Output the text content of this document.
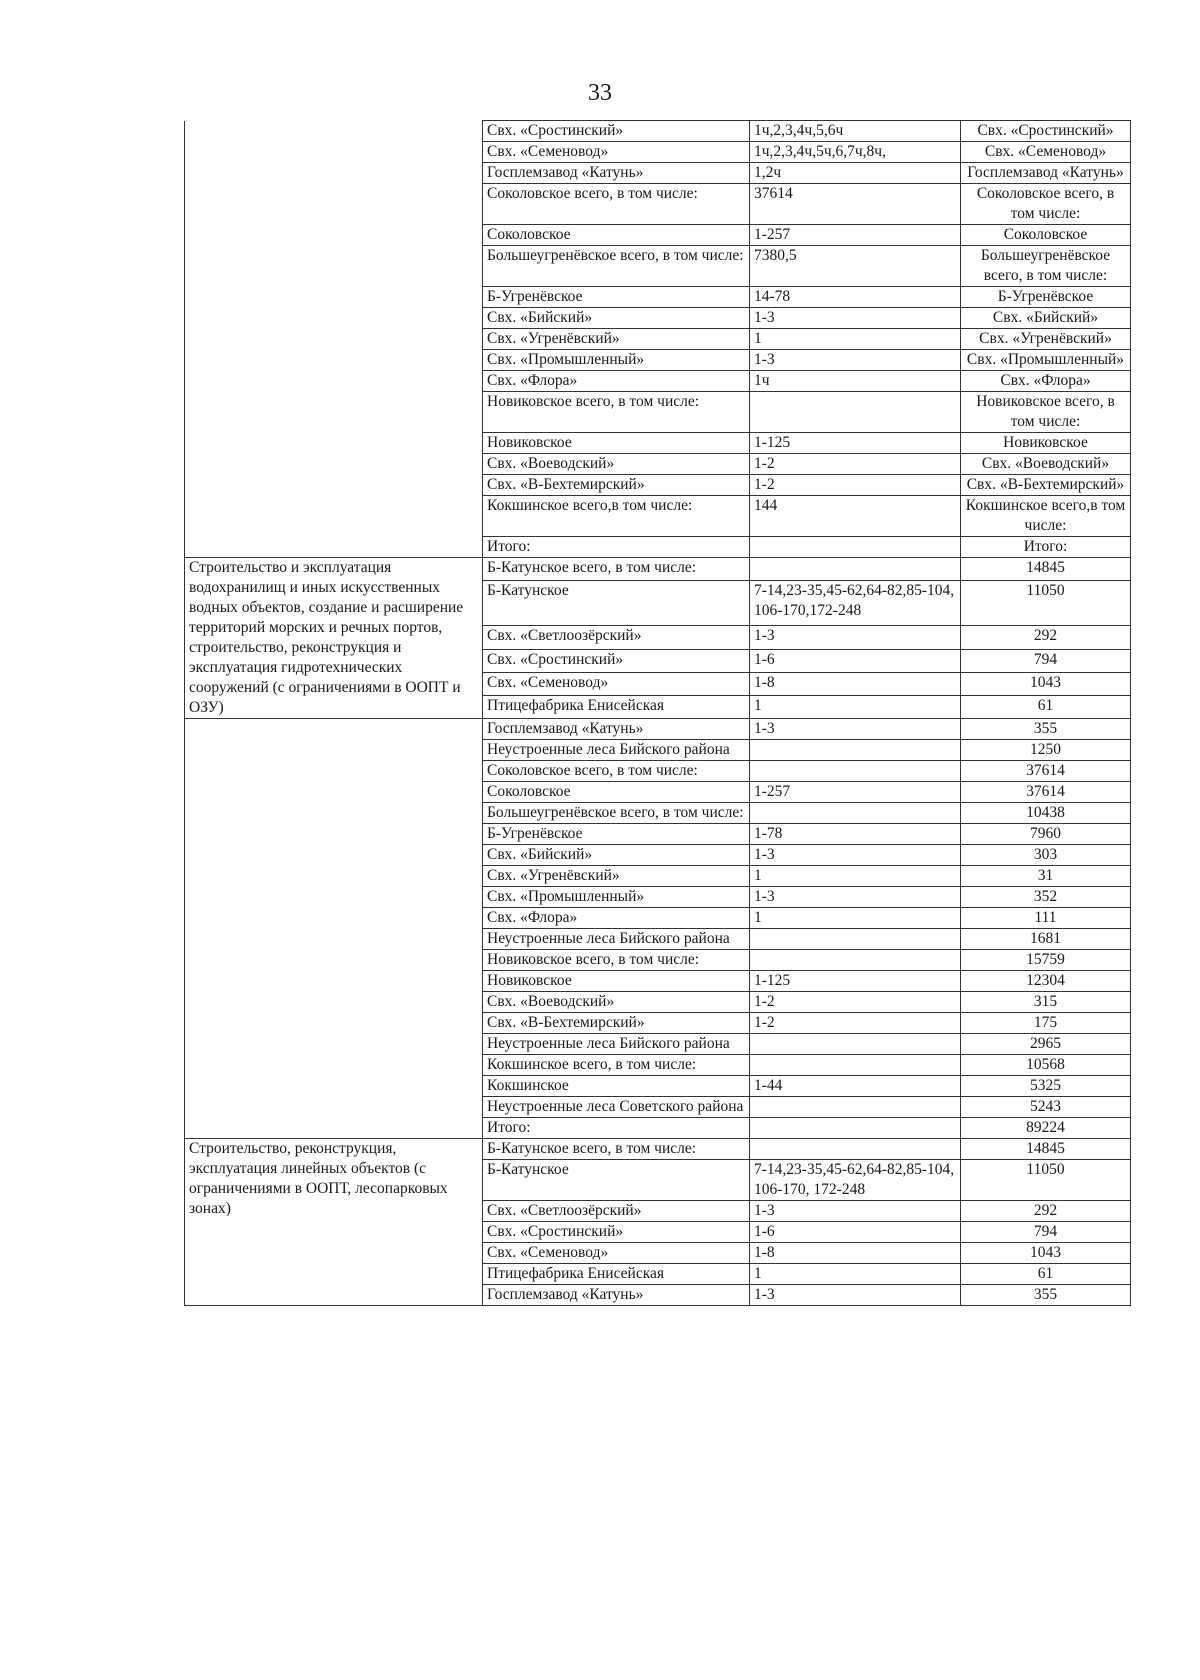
33
	Свх. «Сростинский»	1ч,2,3,4ч,5,6ч	Свх. «Сростинский»
	Свх. «Семеновод»	1ч,2,3,4ч,5ч,6,7ч,8ч,	Свх. «Семеновод»
	Госплемзавод «Катунь»	1,2ч	Госплемзавод «Катунь»
	Соколовское всего, в том числе:	37614	Соколовское всего, в том числе:
	Соколовское	1-257	Соколовское
	Большеугренёвское всего, в том числе:	7380,5	Большеугренёвское всего, в том числе:
	Б-Угренёвское	14-78	Б-Угренёвское
	Свх. «Бийский»	1-3	Свх. «Бийский»
	Свх. «Угренёвский»	1	Свх. «Угренёвский»
	Свх. «Промышленный»	1-3	Свх. «Промышленный»
	Свх. «Флора»	1ч	Свх. «Флора»
	Новиковское всего, в том числе:		Новиковское всего, в том числе:
	Новиковское	1-125	Новиковское
	Свх. «Воеводский»	1-2	Свх. «Воеводский»
	Свх. «В-Бехтемирский»	1-2	Свх. «В-Бехтемирский»
	Кокшинское всего,в том числе:	144	Кокшинское всего,в том числе:
	Итого:		Итого:
Строительство и эксплуатация водохранилищ и иных искусственных водных объектов, создание и расширение территорий морских и речных портов, строительство, реконструкция и эксплуатация гидротехнических сооружений (с ограничениями в ООПТ и ОЗУ)	Б-Катунское всего, в том числе:		14845
	Б-Катунское	7-14,23-35,45-62,64-82,85-104, 106-170,172-248	11050
	Свх. «Светлоозёрский»	1-3	292
	Свх. «Сростинский»	1-6	794
	Свх. «Семеновод»	1-8	1043
	Птицефабрика Енисейская	1	61
	Госплемзавод «Катунь»	1-3	355
	Неустроенные леса Бийского района		1250
	Соколовское всего, в том числе:		37614
	Соколовское	1-257	37614
	Большеугренёвское всего, в том числе:		10438
	Б-Угренёвское	1-78	7960
	Свх. «Бийский»	1-3	303
	Свх. «Угренёвский»	1	31
	Свх. «Промышленный»	1-3	352
	Свх. «Флора»	1	111
	Неустроенные леса Бийского района		1681
	Новиковское всего, в том числе:		15759
	Новиковское	1-125	12304
	Свх. «Воеводский»	1-2	315
	Свх. «В-Бехтемирский»	1-2	175
	Неустроенные леса Бийского района		2965
	Кокшинское всего, в том числе:		10568
	Кокшинское	1-44	5325
	Неустроенные леса Советского района		5243
	Итого:		89224
Строительство, реконструкция, эксплуатация линейных объектов (с ограничениями в ООПТ, лесопарковых зонах)	Б-Катунское всего, в том числе:		14845
	Б-Катунское	7-14,23-35,45-62,64-82,85-104, 106-170, 172-248	11050
	Свх. «Светлоозёрский»	1-3	292
	Свх. «Сростинский»	1-6	794
	Свх. «Семеновод»	1-8	1043
	Птицефабрика Енисейская	1	61
	Госплемзавод «Катунь»	1-3	355
